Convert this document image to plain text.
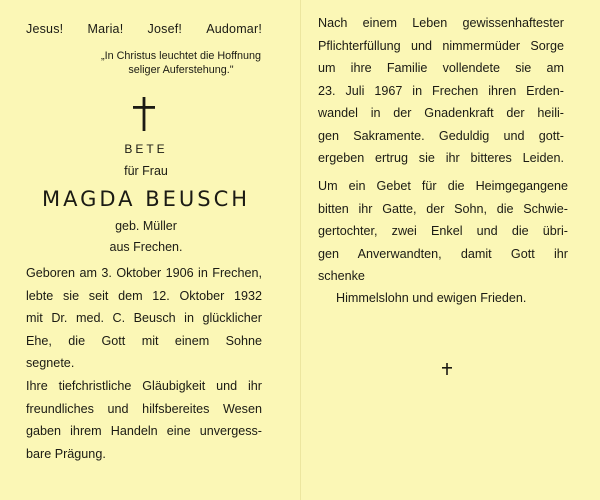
Jesus! Maria! Josef! Audomar!
„In Christus leuchtet die Hoffnung
seliger Auferstehung."
BETE
für Frau
MAGDA BEUSCH
geb. Müller
aus Frechen.
Geboren am 3. Oktober 1906 in Frechen,
lebte sie seit dem 12. Oktober 1932
mit Dr. med. C. Beusch in glücklicher
Ehe, die Gott mit einem Sohne
segnete.
Ihre tiefchristliche Gläubigkeit und ihr
freundliches und hilfsbereites Wesen
gaben ihrem Handeln eine unvergess-
bare Prägung.
Nach einem Leben gewissenhaftester
Pflichterfüllung und nimmermüder Sorge
um ihre Familie vollendete sie am
23. Juli 1967 in Frechen ihren Erden-
wandel in der Gnadenkraft der heili-
gen Sakramente. Geduldig und gott-
ergeben ertrug sie ihr bitteres Leiden.
Um ein Gebet für die Heimgegangene
bitten ihr Gatte, der Sohn, die Schwie-
gertochter, zwei Enkel und die übri-
gen Anverwandten, damit Gott ihr
schenke
Himmelslohn und ewigen Frieden.
